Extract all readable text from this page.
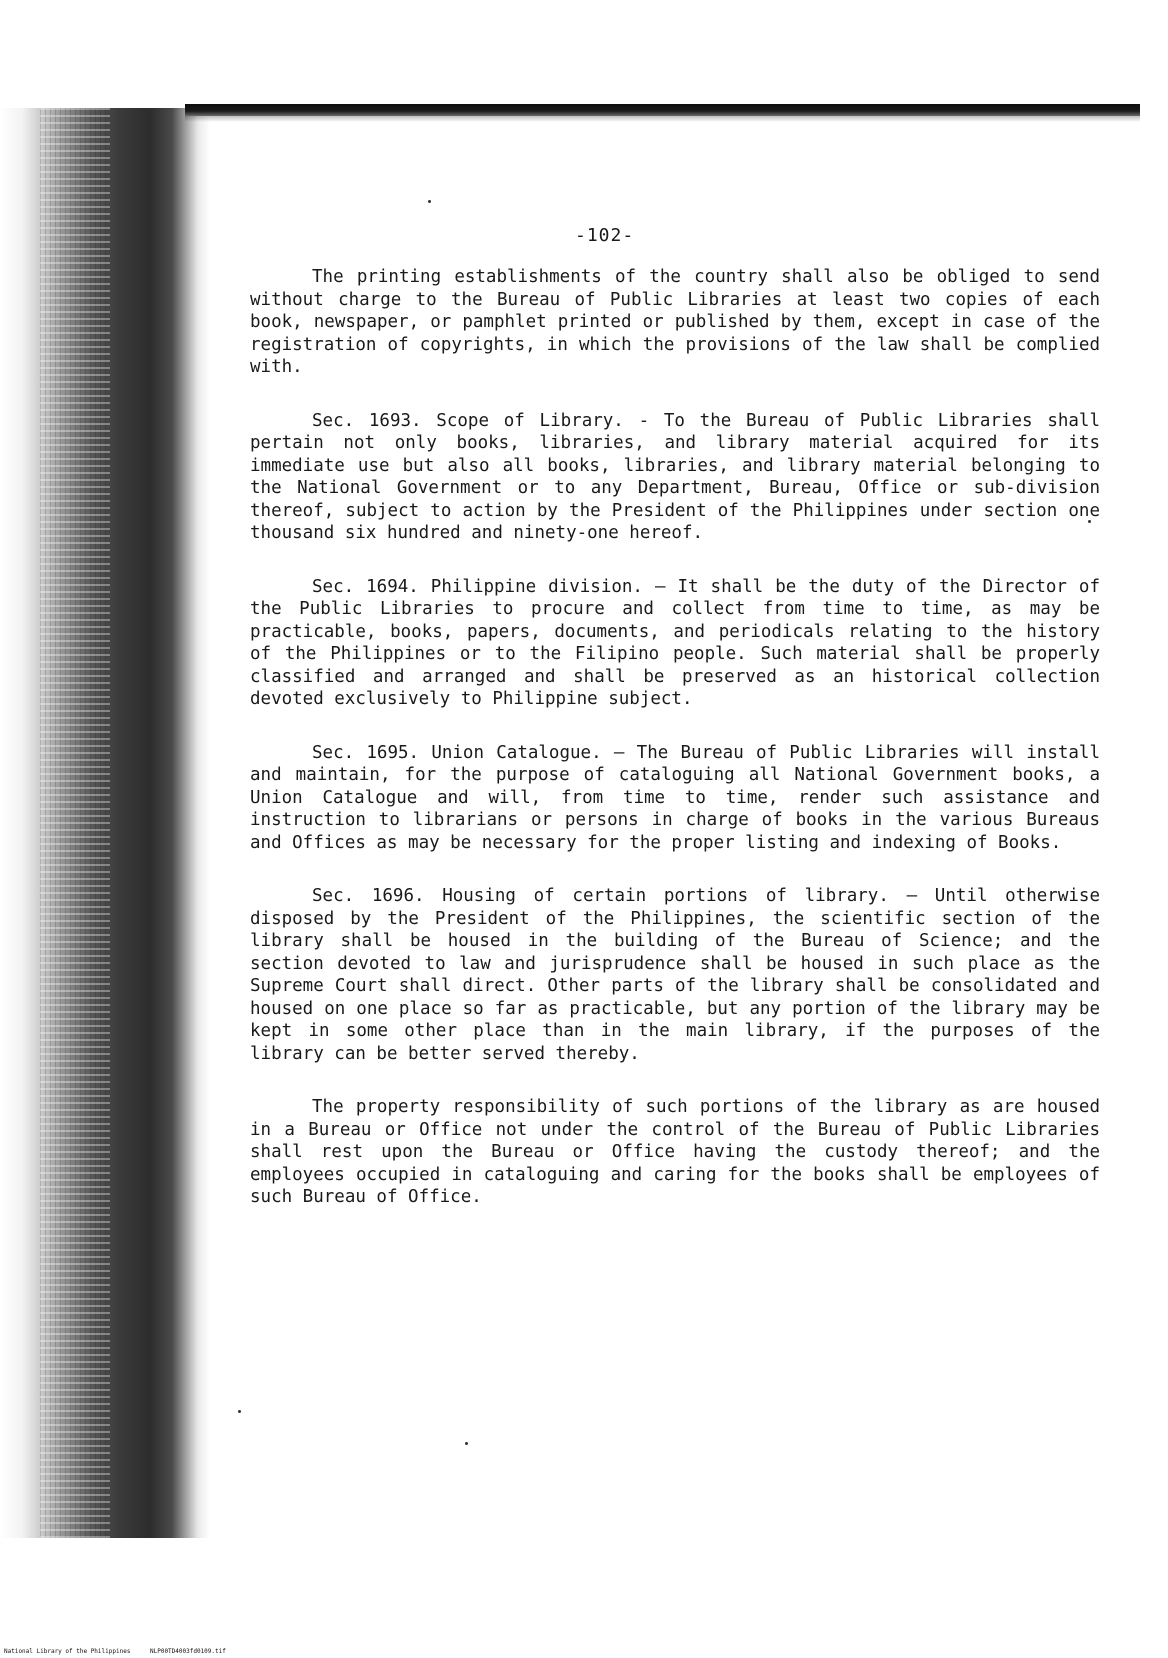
-102-

The printing establishments of the country shall also be obliged to send without charge to the Bureau of Public Libraries at least two copies of each book, newspaper, or pamphlet printed or published by them, except in case of the registration of copyrights, in which the provisions of the law shall be complied with.

Sec. 1693. Scope of Library. - To the Bureau of Public Libraries shall pertain not only books, libraries, and library material acquired for its immediate use but also all books, libraries, and library material belonging to the National Government or to any Department, Bureau, Office or sub-division thereof, subject to action by the President of the Philippines under section one thousand six hundred and ninety-one hereof.

Sec. 1694. Philippine division. — It shall be the duty of the Director of the Public Libraries to procure and collect from time to time, as may be practicable, books, papers, documents, and periodicals relating to the history of the Philippines or to the Filipino people. Such material shall be properly classified and arranged and shall be preserved as an historical collection devoted exclusively to Philippine subject.

Sec. 1695. Union Catalogue. — The Bureau of Public Libraries will install and maintain, for the purpose of cataloguing all National Government books, a Union Catalogue and will, from time to time, render such assistance and instruction to librarians or persons in charge of books in the various Bureaus and Offices as may be necessary for the proper listing and indexing of Books.

Sec. 1696. Housing of certain portions of library. — Until otherwise disposed by the President of the Philippines, the scientific section of the library shall be housed in the building of the Bureau of Science; and the section devoted to law and jurisprudence shall be housed in such place as the Supreme Court shall direct. Other parts of the library shall be consolidated and housed on one place so far as practicable, but any portion of the library may be kept in some other place than in the main library, if the purposes of the library can be better served thereby.

The property responsibility of such portions of the library as are housed in a Bureau or Office not under the control of the Bureau of Public Libraries shall rest upon the Bureau or Office having the custody thereof; and the employees occupied in cataloguing and caring for the books shall be employees of such Bureau of Office.

National Library of the Philippines	NLP00TD4003fd0109.tif
